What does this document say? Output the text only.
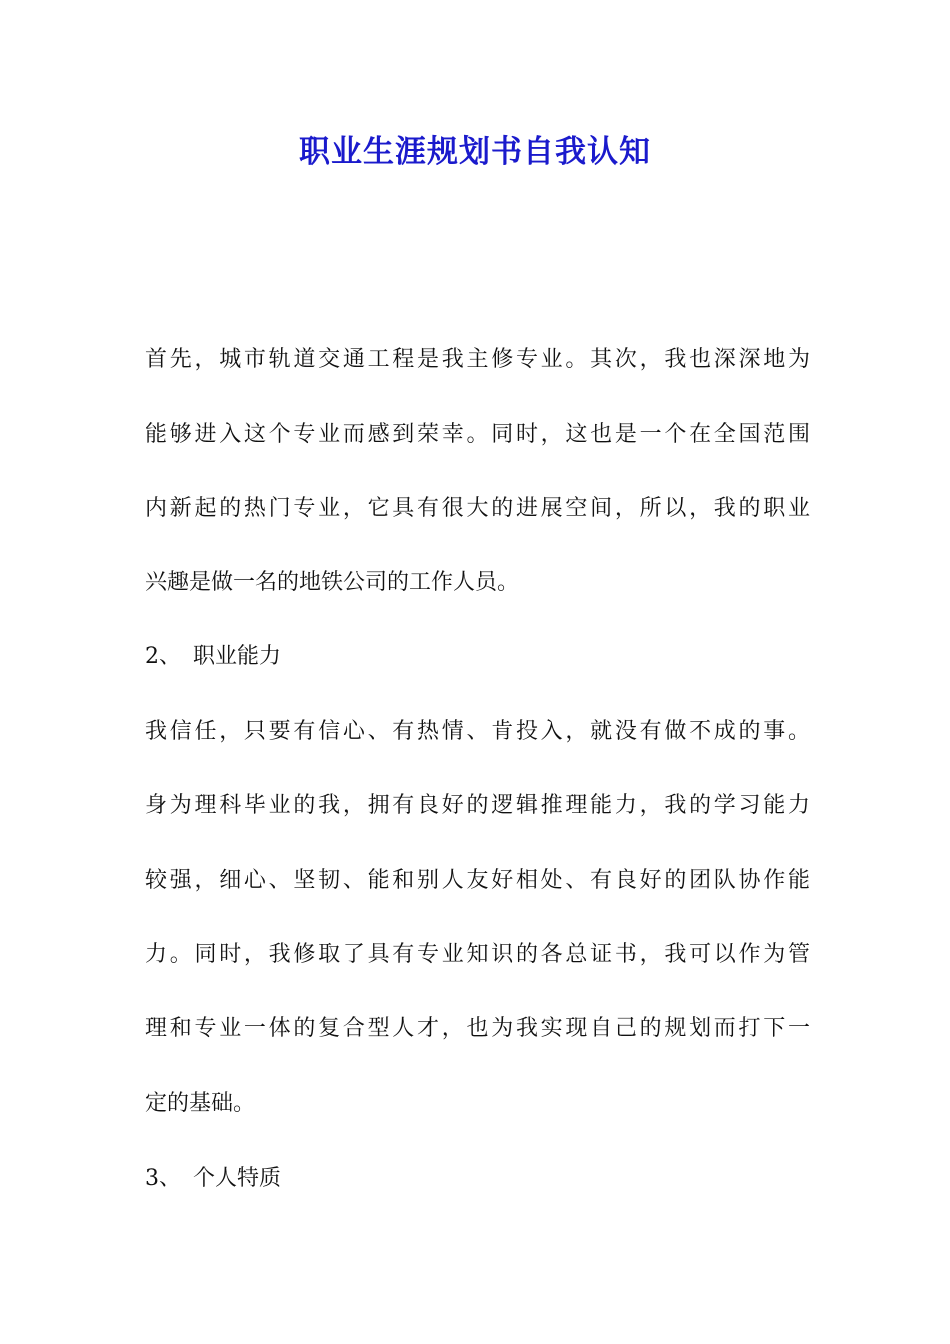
职业生涯规划书自我认知
首先，城市轨道交通工程是我主修专业。其次，我也深深地为
能够进入这个专业而感到荣幸。同时，这也是一个在全国范围
内新起的热门专业，它具有很大的进展空间，所以，我的职业
兴趣是做一名的地铁公司的工作人员。
2、 职业能力
我信任，只要有信心、有热情、肯投入，就没有做不成的事。
身为理科毕业的我，拥有良好的逻辑推理能力，我的学习能力
较强，细心、坚韧、能和别人友好相处、有良好的团队协作能
力。同时，我修取了具有专业知识的各总证书，我可以作为管
理和专业一体的复合型人才，也为我实现自己的规划而打下一
定的基础。
3、 个人特质
